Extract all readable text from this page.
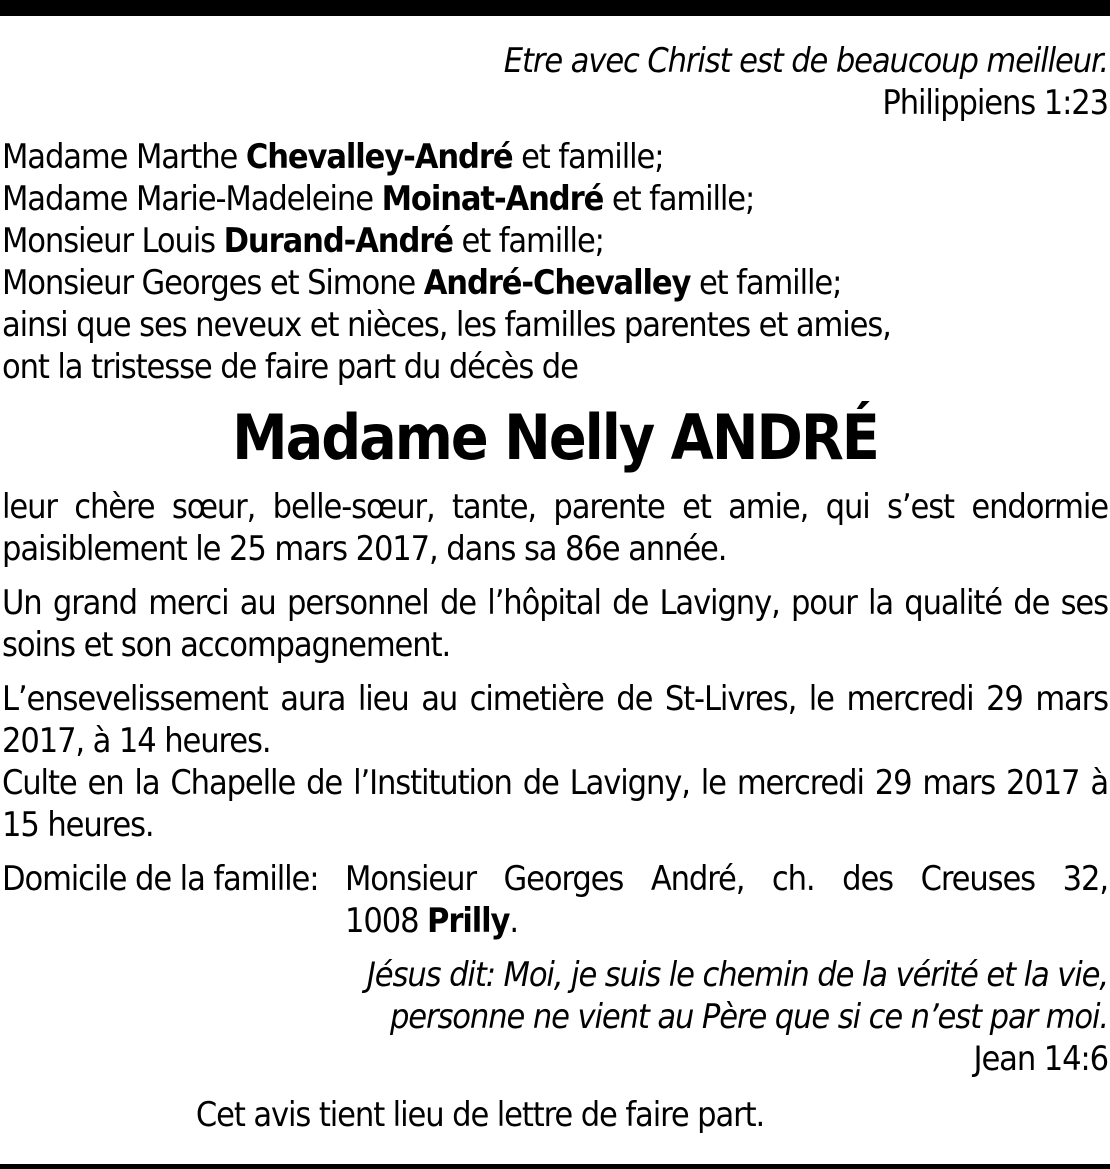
Etre avec Christ est de beaucoup meilleur.
Philippiens 1:23
Madame Marthe Chevalley-André et famille;
Madame Marie-Madeleine Moinat-André et famille;
Monsieur Louis Durand-André et famille;
Monsieur Georges et Simone André-Chevalley et famille;
ainsi que ses neveux et nièces, les familles parentes et amies,
ont la tristesse de faire part du décès de
Madame Nelly ANDRÉ
leur chère sœur, belle-sœur, tante, parente et amie, qui s’est endormie paisiblement le 25 mars 2017, dans sa 86e année.
Un grand merci au personnel de l’hôpital de Lavigny, pour la qualité de ses soins et son accompagnement.
L’ensevelissement aura lieu au cimetière de St-Livres, le mercredi 29 mars 2017, à 14 heures.
Culte en la Chapelle de l’Institution de Lavigny, le mercredi 29 mars 2017 à 15 heures.
Domicile de la famille: Monsieur Georges André, ch. des Creuses 32,
1008 Prilly.
Jésus dit: Moi, je suis le chemin de la vérité et la vie,
personne ne vient au Père que si ce n’est par moi.
Jean 14:6
Cet avis tient lieu de lettre de faire part.
